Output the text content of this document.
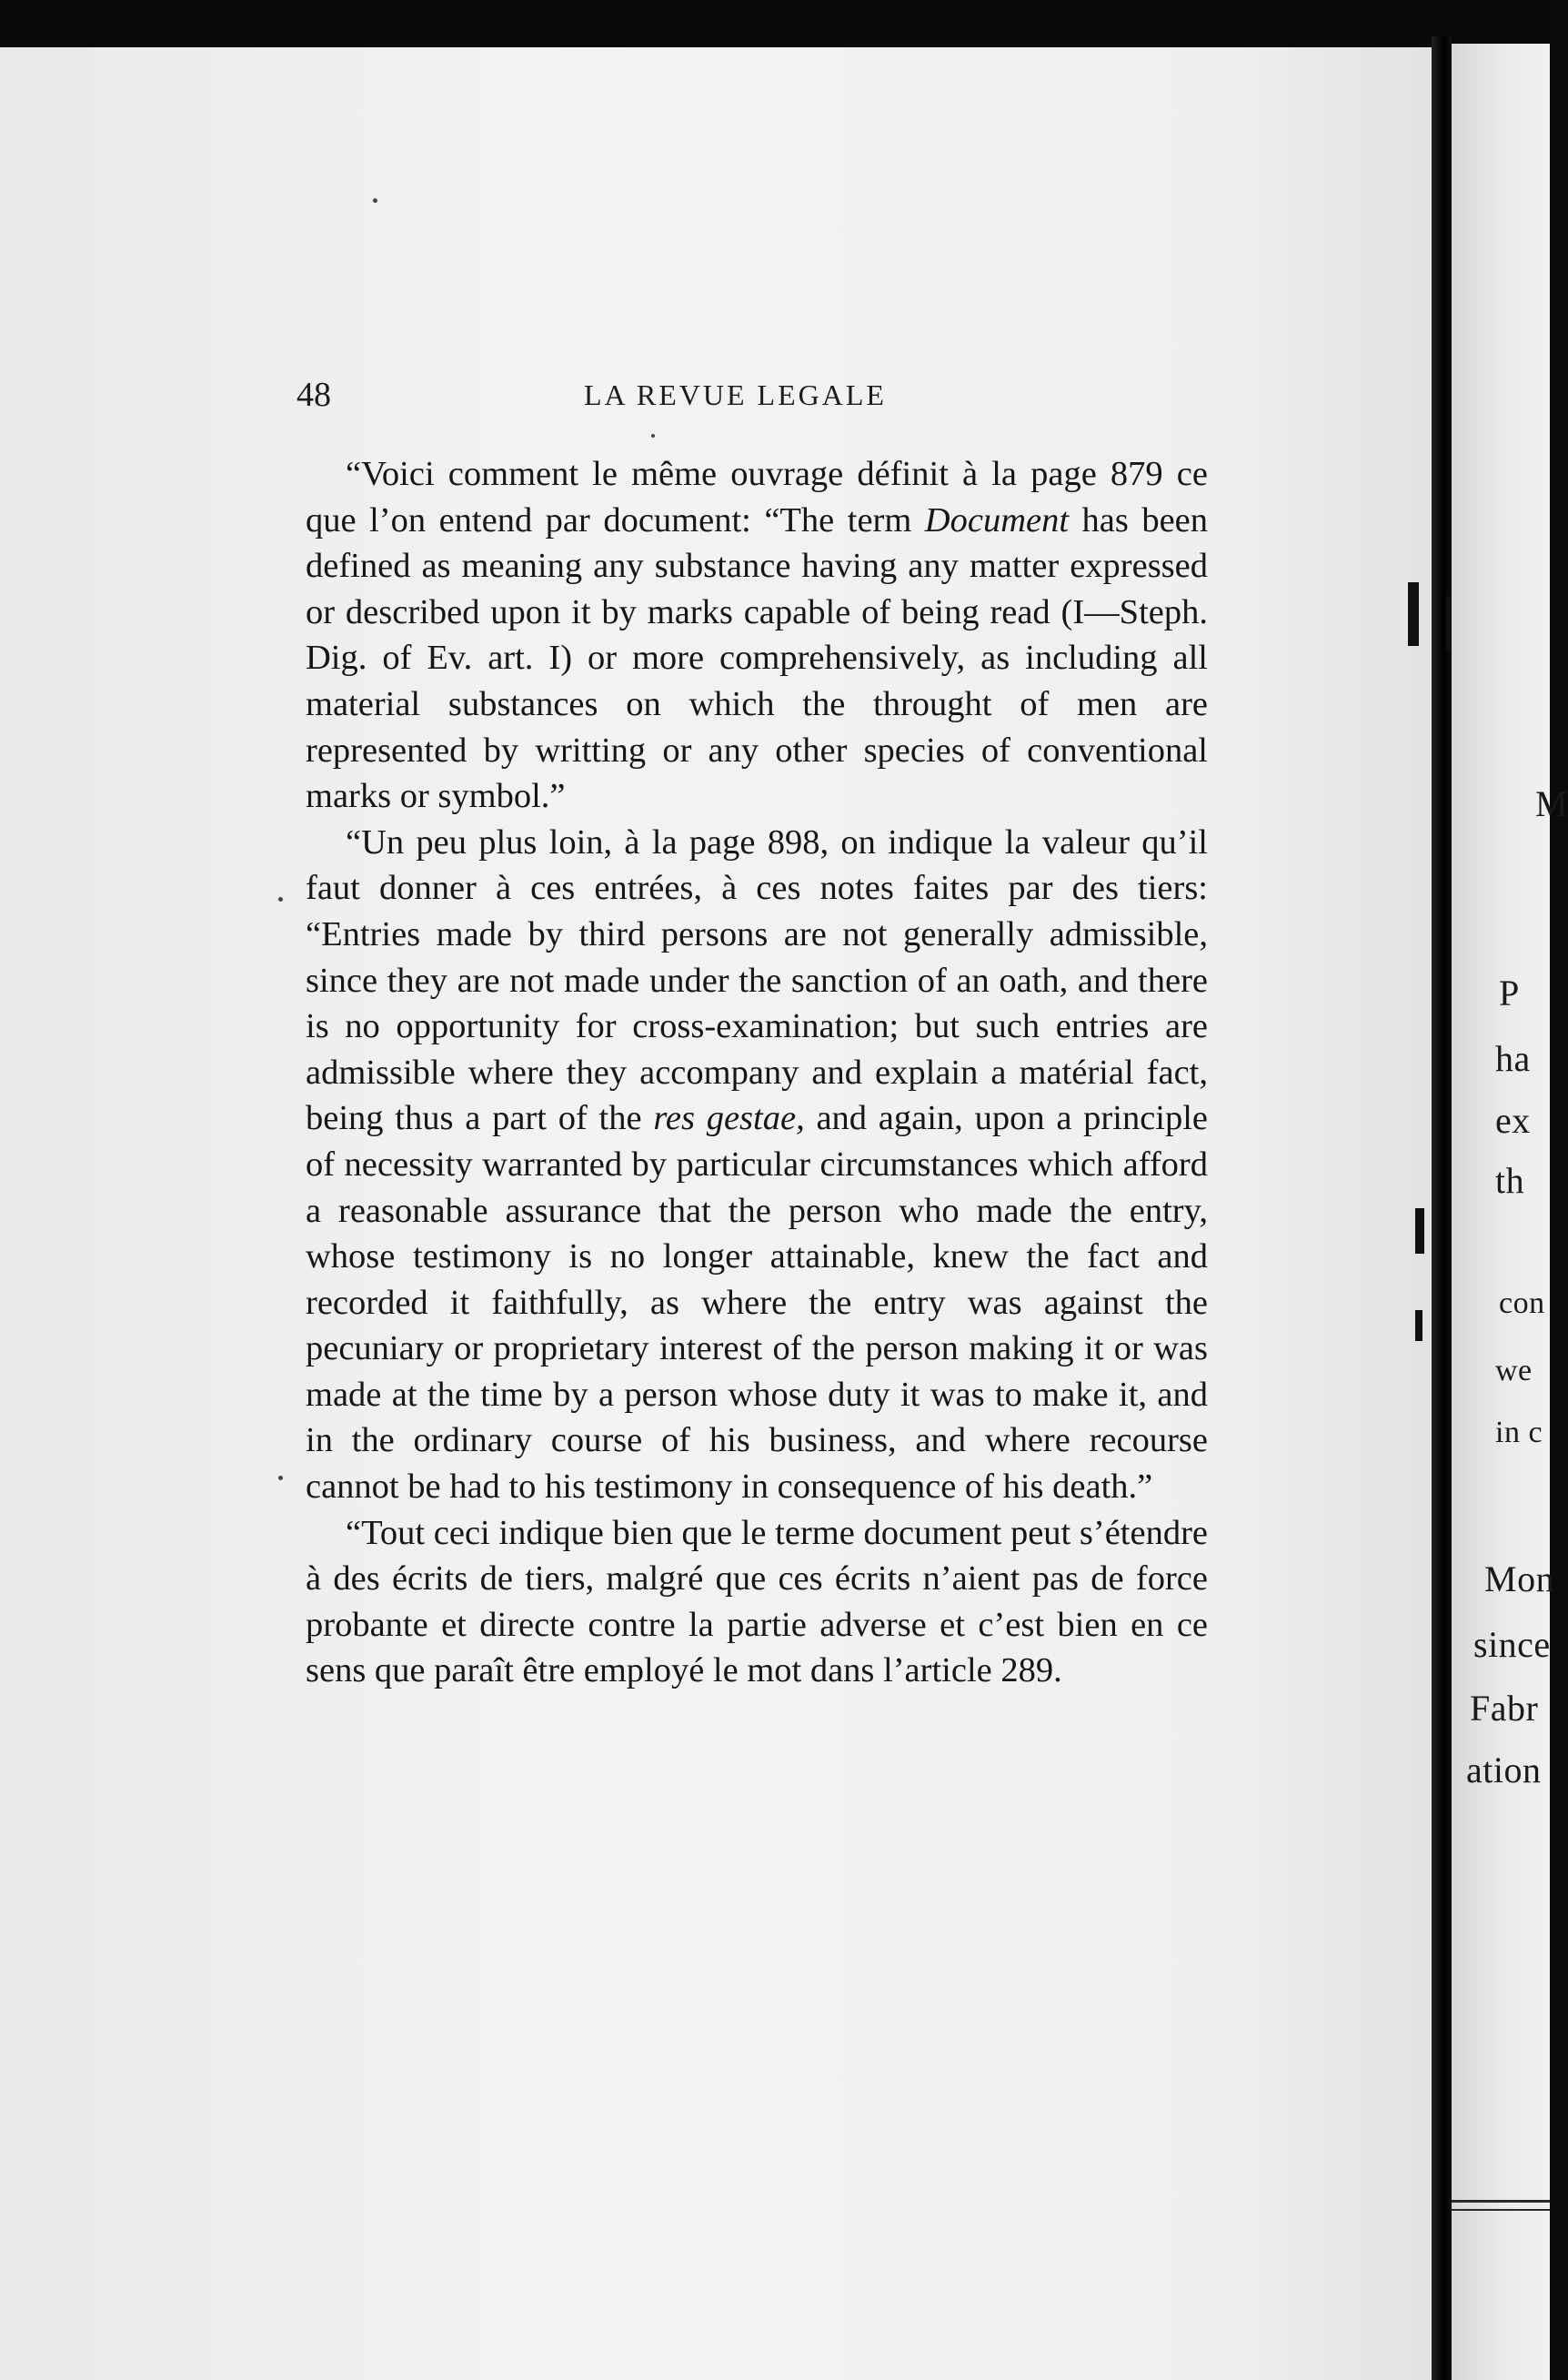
48	LA REVUE LEGALE

“Voici comment le même ouvrage définit à la page 879 ce que l’on entend par document: “The term Document has been defined as meaning any substance having any matter expressed or described upon it by marks capable of being read (I—Steph. Dig. of Ev. art. I) or more comprehensively, as including all material substances on which the throught of men are represented by writting or any other species of conventional marks or symbol.”

“Un peu plus loin, à la page 898, on indique la valeur qu’il faut donner à ces entrées, à ces notes faites par des tiers: “Entries made by third persons are not generally admissible, since they are not made under the sanction of an oath, and there is no opportunity for cross-examination; but such entries are admissible where they accompany and explain a matérial fact, being thus a part of the res gestae, and again, upon a principle of necessity warranted by particular circumstances which afford a reasonable assurance that the person who made the entry, whose testimony is no longer attainable, knew the fact and recorded it faithfully, as where the entry was against the pecuniary or proprietary interest of the person making it or was made at the time by a person whose duty it was to make it, and in the ordinary course of his business, and where recourse cannot be had to his testimony in consequence of his death.”

“Tout ceci indique bien que le terme document peut s’étendre à des écrits de tiers, malgré que ces écrits n’aient pas de force probante et directe contre la partie adverse et c’est bien en ce sens que paraît être employé le mot dans l’article 289.

M
P
ha
ex
th
con
we
in c
Mon
since
Fabr
ation
